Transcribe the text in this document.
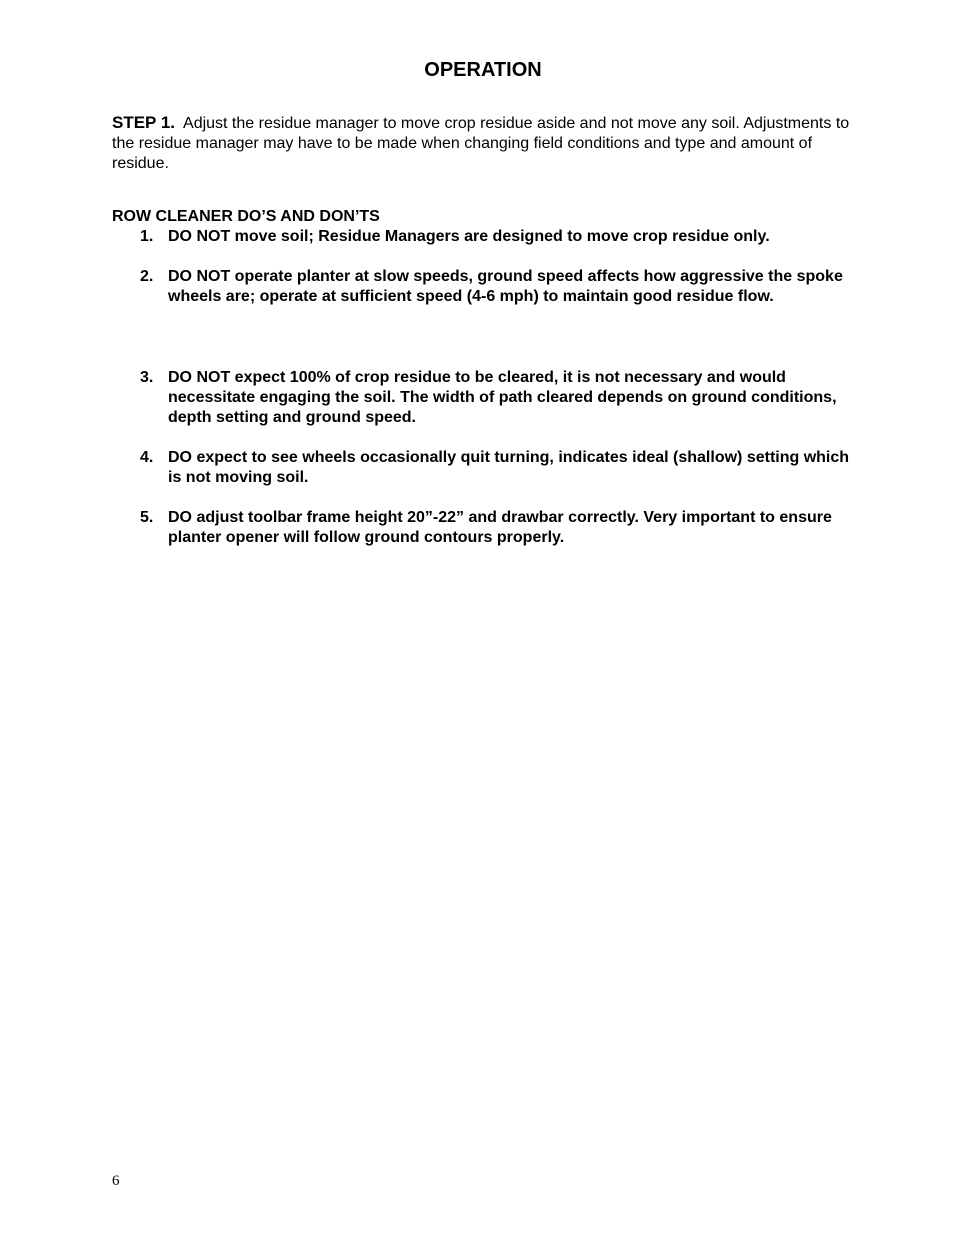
OPERATION
STEP 1. Adjust the residue manager to move crop residue aside and not move any soil. Adjustments to the residue manager may have to be made when changing field conditions and type and amount of residue.
ROW CLEANER DO’S AND DON’TS
1. DO NOT move soil; Residue Managers are designed to move crop residue only.
2. DO NOT operate planter at slow speeds, ground speed affects how aggressive the spoke wheels are; operate at sufficient speed (4-6 mph) to maintain good residue flow.
3. DO NOT expect 100% of crop residue to be cleared, it is not necessary and would necessitate engaging the soil. The width of path cleared depends on ground conditions, depth setting and ground speed.
4. DO expect to see wheels occasionally quit turning, indicates ideal (shallow) setting which is not moving soil.
5. DO adjust toolbar frame height 20”-22” and drawbar correctly. Very important to ensure planter opener will follow ground contours properly.
6
